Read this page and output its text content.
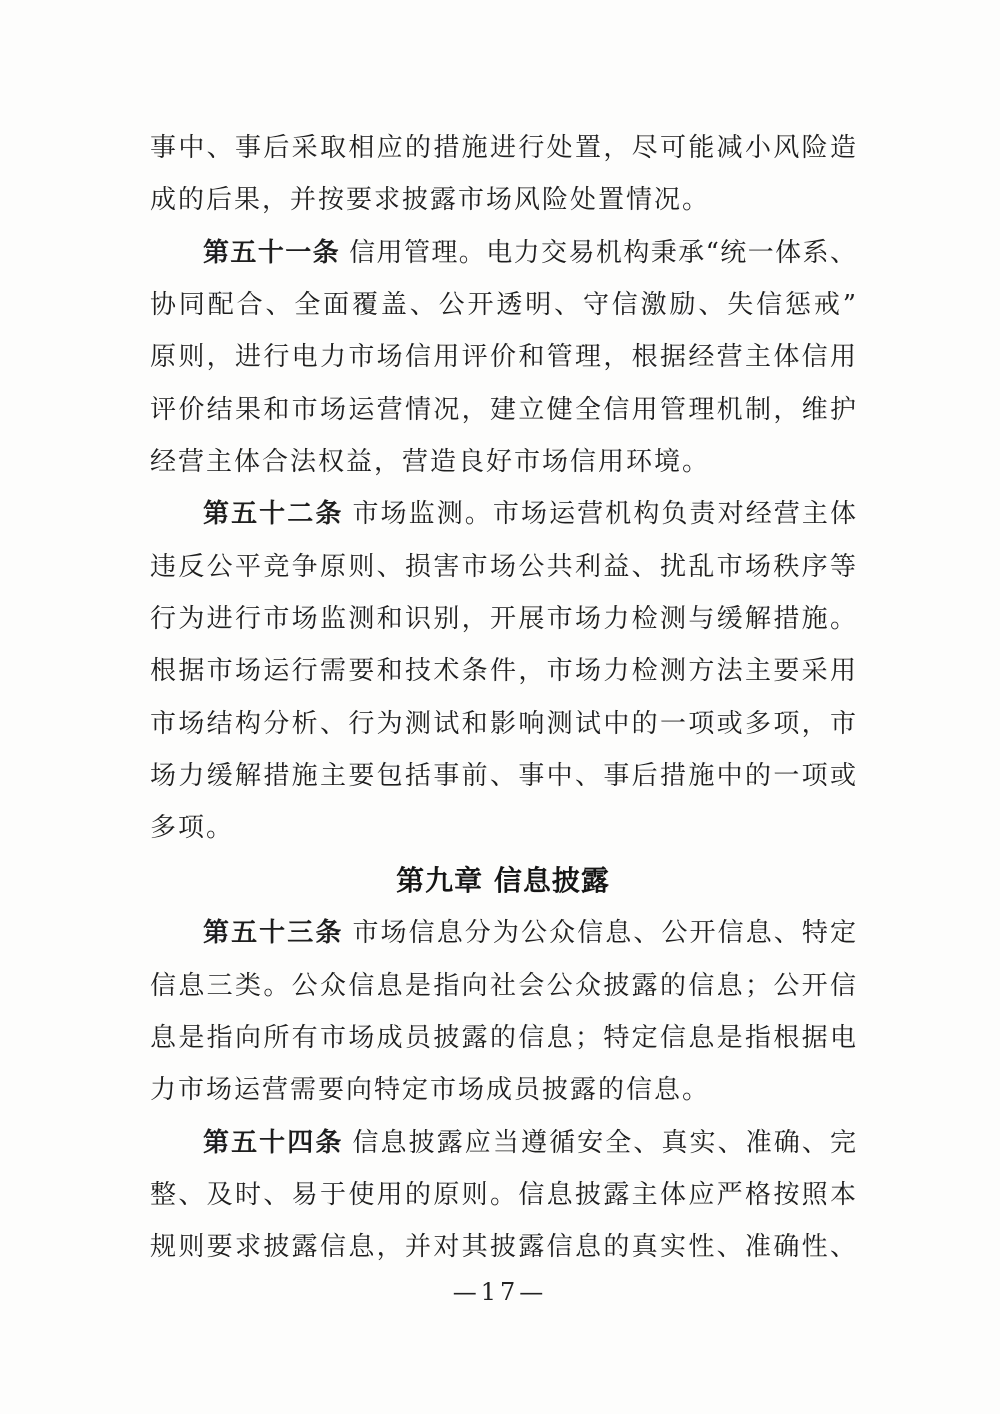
事中、事后采取相应的措施进行处置，尽可能减小风险造
成的后果，并按要求披露市场风险处置情况。
第五十一条 信用管理。电力交易机构秉承“统一体系、
协同配合、全面覆盖、公开透明、守信激励、失信惩戒”
原则，进行电力市场信用评价和管理，根据经营主体信用
评价结果和市场运营情况，建立健全信用管理机制，维护
经营主体合法权益，营造良好市场信用环境。
第五十二条 市场监测。市场运营机构负责对经营主体
违反公平竞争原则、损害市场公共利益、扰乱市场秩序等
行为进行市场监测和识别，开展市场力检测与缓解措施。
根据市场运行需要和技术条件，市场力检测方法主要采用
市场结构分析、行为测试和影响测试中的一项或多项，市
场力缓解措施主要包括事前、事中、事后措施中的一项或
多项。
第九章 信息披露
第五十三条 市场信息分为公众信息、公开信息、特定
信息三类。公众信息是指向社会公众披露的信息；公开信
息是指向所有市场成员披露的信息；特定信息是指根据电
力市场运营需要向特定市场成员披露的信息。
第五十四条 信息披露应当遵循安全、真实、准确、完
整、及时、易于使用的原则。信息披露主体应严格按照本
规则要求披露信息，并对其披露信息的真实性、准确性、
—17—
